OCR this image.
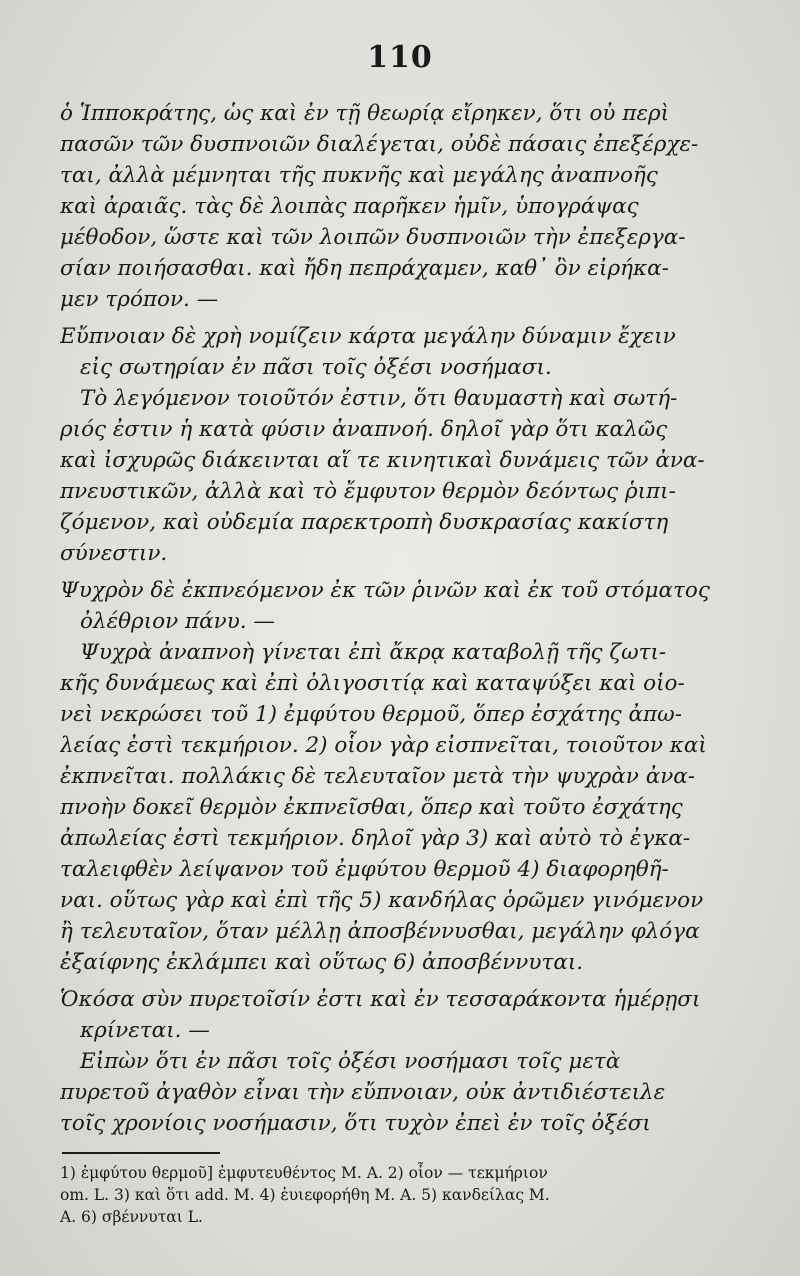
110
ὁ Ἱπποκράτης, ὡς καὶ ἐν τῇ θεωρίᾳ εἴρηκεν, ὅτι οὐ περὶ
πασῶν τῶν δυσπνοιῶν διαλέγεται, οὐδὲ πάσαις ἐπεξέρχε-
ται, ἀλλὰ μέμνηται τῆς πυκνῆς καὶ μεγάλης ἀναπνοῆς
καὶ ἀραιᾶς. τὰς δὲ λοιπὰς παρῆκεν ἡμῖν, ὑπογράψας
μέθοδον, ὥστε καὶ τῶν λοιπῶν δυσπνοιῶν τὴν ἐπεξεργα-
σίαν ποιήσασθαι. καὶ ἤδη πεπράχαμεν, καθ᾽ ὃν εἰρήκα-
μεν τρόπον. —
Εὔπνοιαν δὲ χρὴ νομίζειν κάρτα μεγάλην δύναμιν ἔχειν
εἰς σωτηρίαν ἐν πᾶσι τοῖς ὀξέσι νοσήμασι.
Τὸ λεγόμενον τοιοῦτόν ἐστιν, ὅτι θαυμαστὴ καὶ σωτή-
ριός ἐστιν ἡ κατὰ φύσιν ἀναπνοή. δηλοῖ γὰρ ὅτι καλῶς
καὶ ἰσχυρῶς διάκεινται αἵ τε κινητικαὶ δυνάμεις τῶν ἀνα-
πνευστικῶν, ἀλλὰ καὶ τὸ ἔμφυτον θερμὸν δεόντως ῥιπι-
ζόμενον, καὶ οὐδεμία παρεκτροπὴ δυσκρασίας κακίστη
σύνεστιν.
Ψυχρὸν δὲ ἐκπνεόμενον ἐκ τῶν ῥινῶν καὶ ἐκ τοῦ στόματος
ὀλέθριον πάνυ. —
Ψυχρὰ ἀναπνοὴ γίνεται ἐπὶ ἄκρᾳ καταβολῇ τῆς ζωτι-
κῆς δυνάμεως καὶ ἐπὶ ὀλιγοσιτίᾳ καὶ καταψύξει καὶ οἱο-
νεὶ νεκρώσει τοῦ 1) ἐμφύτου θερμοῦ, ὅπερ ἐσχάτης ἀπω-
λείας ἐστὶ τεκμήριον. 2) οἷον γὰρ εἰσπνεῖται, τοιοῦτον καὶ
ἐκπνεῖται. πολλάκις δὲ τελευταῖον μετὰ τὴν ψυχρὰν ἀνα-
πνοὴν δοκεῖ θερμὸν ἐκπνεῖσθαι, ὅπερ καὶ τοῦτο ἐσχάτης
ἀπωλείας ἐστὶ τεκμήριον. δηλοῖ γὰρ 3) καὶ αὐτὸ τὸ ἐγκα-
ταλειφθὲν λείψανον τοῦ ἐμφύτου θερμοῦ 4) διαφορηθῆ-
ναι. οὕτως γὰρ καὶ ἐπὶ τῆς 5) κανδήλας ὁρῶμεν γινόμενον
ἢ τελευταῖον, ὅταν μέλλῃ ἀποσβέννυσθαι, μεγάλην φλόγα
ἐξαίφνης ἐκλάμπει καὶ οὕτως 6) ἀποσβέννυται.
Ὁκόσα σὺν πυρετοῖσίν ἐστι καὶ ἐν τεσσαράκοντα ἡμέρῃσι
κρίνεται. —
Εἰπὼν ὅτι ἐν πᾶσι τοῖς ὀξέσι νοσήμασι τοῖς μετὰ
πυρετοῦ ἀγαθὸν εἶναι τὴν εὔπνοιαν, οὐκ ἀντιδιέστειλε
τοῖς χρονίοις νοσήμασιν, ὅτι τυχὸν ἐπεὶ ἐν τοῖς ὀξέσι
1) ἐμφύτου θερμοῦ] ἐμφυτευθέντος M. A. 2) οἷον — τεκμήριον
om. L. 3) καὶ ὅτι add. M. 4) ἐυιεφορήθη M. A. 5) κανδείλας M.
A. 6) σβέννυται L.
